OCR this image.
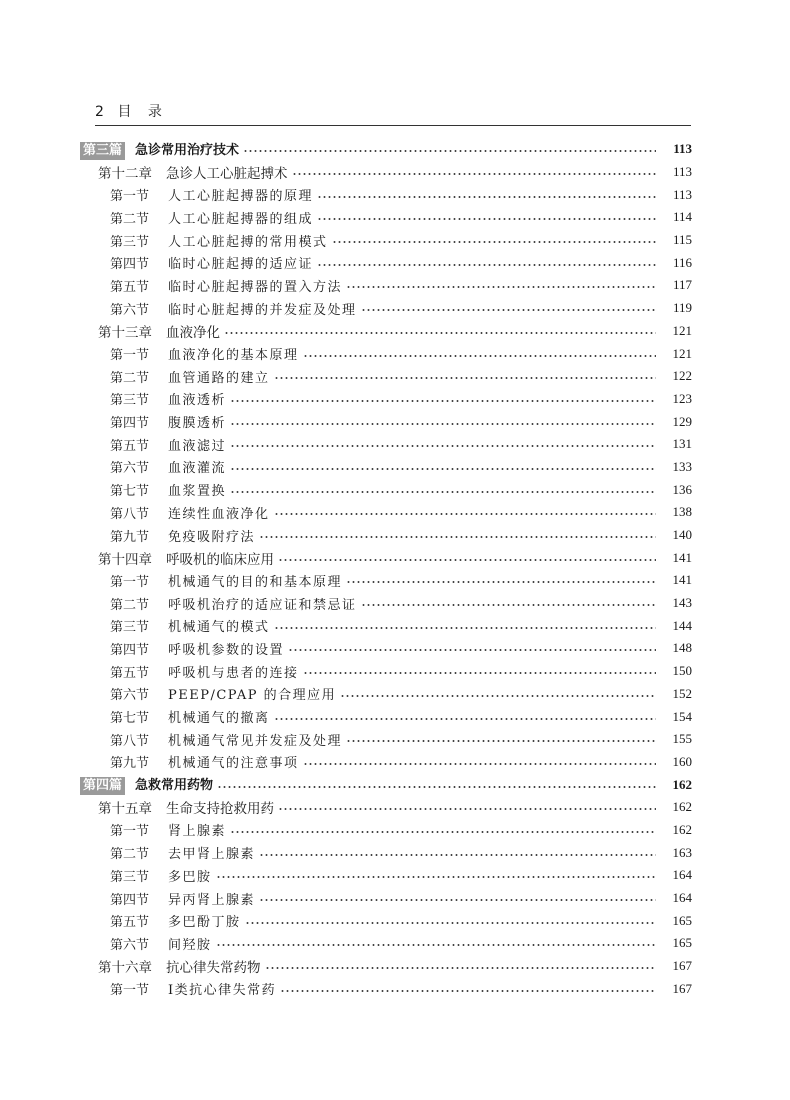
2 目 录
第三篇 急诊常用治疗技术	113
第十二章 急诊人工心脏起搏术	113
第一节 人工心脏起搏器的原理	113
第二节 人工心脏起搏器的组成	114
第三节 人工心脏起搏的常用模式	115
第四节 临时心脏起搏的适应证	116
第五节 临时心脏起搏器的置入方法	117
第六节 临时心脏起搏的并发症及处理	119
第十三章 血液净化	121
第一节 血液净化的基本原理	121
第二节 血管通路的建立	122
第三节 血液透析	123
第四节 腹膜透析	129
第五节 血液滤过	131
第六节 血液灌流	133
第七节 血浆置换	136
第八节 连续性血液净化	138
第九节 免疫吸附疗法	140
第十四章 呼吸机的临床应用	141
第一节 机械通气的目的和基本原理	141
第二节 呼吸机治疗的适应证和禁忌证	143
第三节 机械通气的模式	144
第四节 呼吸机参数的设置	148
第五节 呼吸机与患者的连接	150
第六节 PEEP/CPAP 的合理应用	152
第七节 机械通气的撤离	154
第八节 机械通气常见并发症及处理	155
第九节 机械通气的注意事项	160
第四篇 急救常用药物	162
第十五章 生命支持抢救用药	162
第一节 肾上腺素	162
第二节 去甲肾上腺素	163
第三节 多巴胺	164
第四节 异丙肾上腺素	164
第五节 多巴酚丁胺	165
第六节 间羟胺	165
第十六章 抗心律失常药物	167
第一节 Ⅰ类抗心律失常药	167
